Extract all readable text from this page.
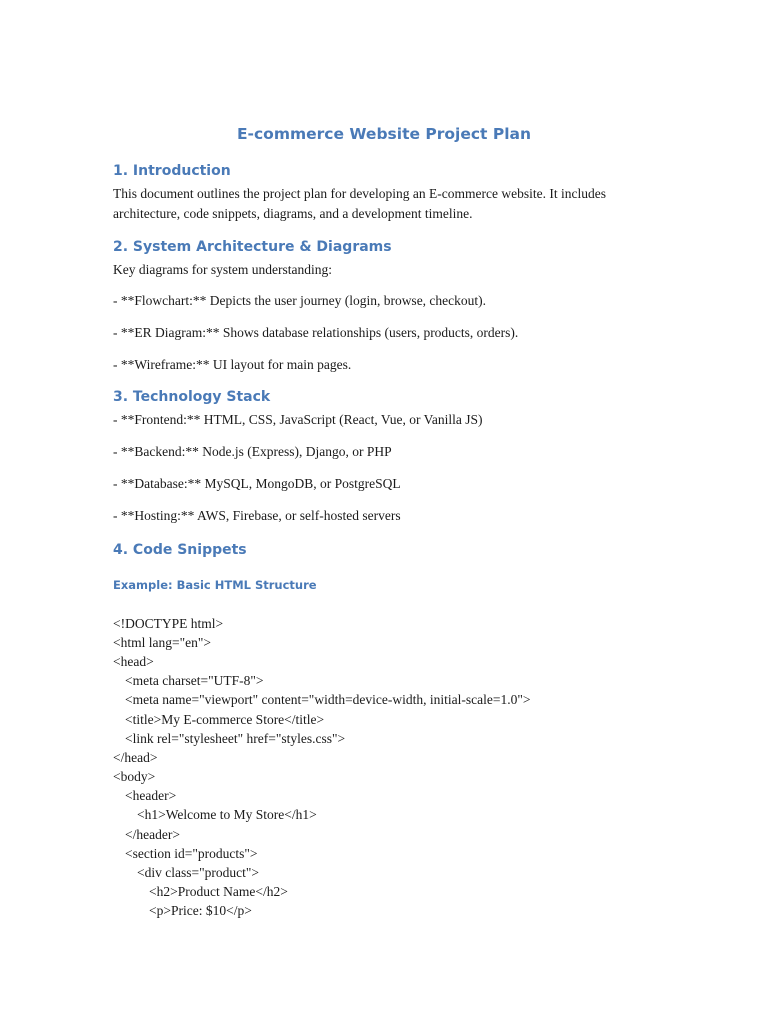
E-commerce Website Project Plan
1. Introduction

This document outlines the project plan for developing an E-commerce website. It includes

architecture, code snippets, diagrams, and a development timeline.

2. System Architecture & Diagrams

Key diagrams for system understanding:

- **Flowchart:** Depicts the user journey (login, browse, checkout).

- **ER Diagram:** Shows database relationships (users, products, orders).

- **Wireframe:** UI layout for main pages.

3. Technology Stack

- **Frontend:** HTML, CSS, JavaScript (React, Vue, or Vanilla JS)

- **Backend:** Node.js (Express), Django, or PHP

- **Database:** MySQL, MongoDB, or PostgreSQL

- **Hosting:** AWS, Firebase, or self-hosted servers

4. Code Snippets
Example: Basic HTML Structure

<!DOCTYPE html>

<html lang="en">

<head>

<meta charset="UTF-8">

<meta name="viewport" content="width=device-width, initial-scale=1.0">

<title>My E-commerce Store</title>

<link rel="stylesheet" href="styles.css">

</head>

<body>

<header>

<h1>Welcome to My Store</h1>

</header>

<section id="products">

<div class="product">

<h2>Product Name</h2>

<p>Price: $10</p>
